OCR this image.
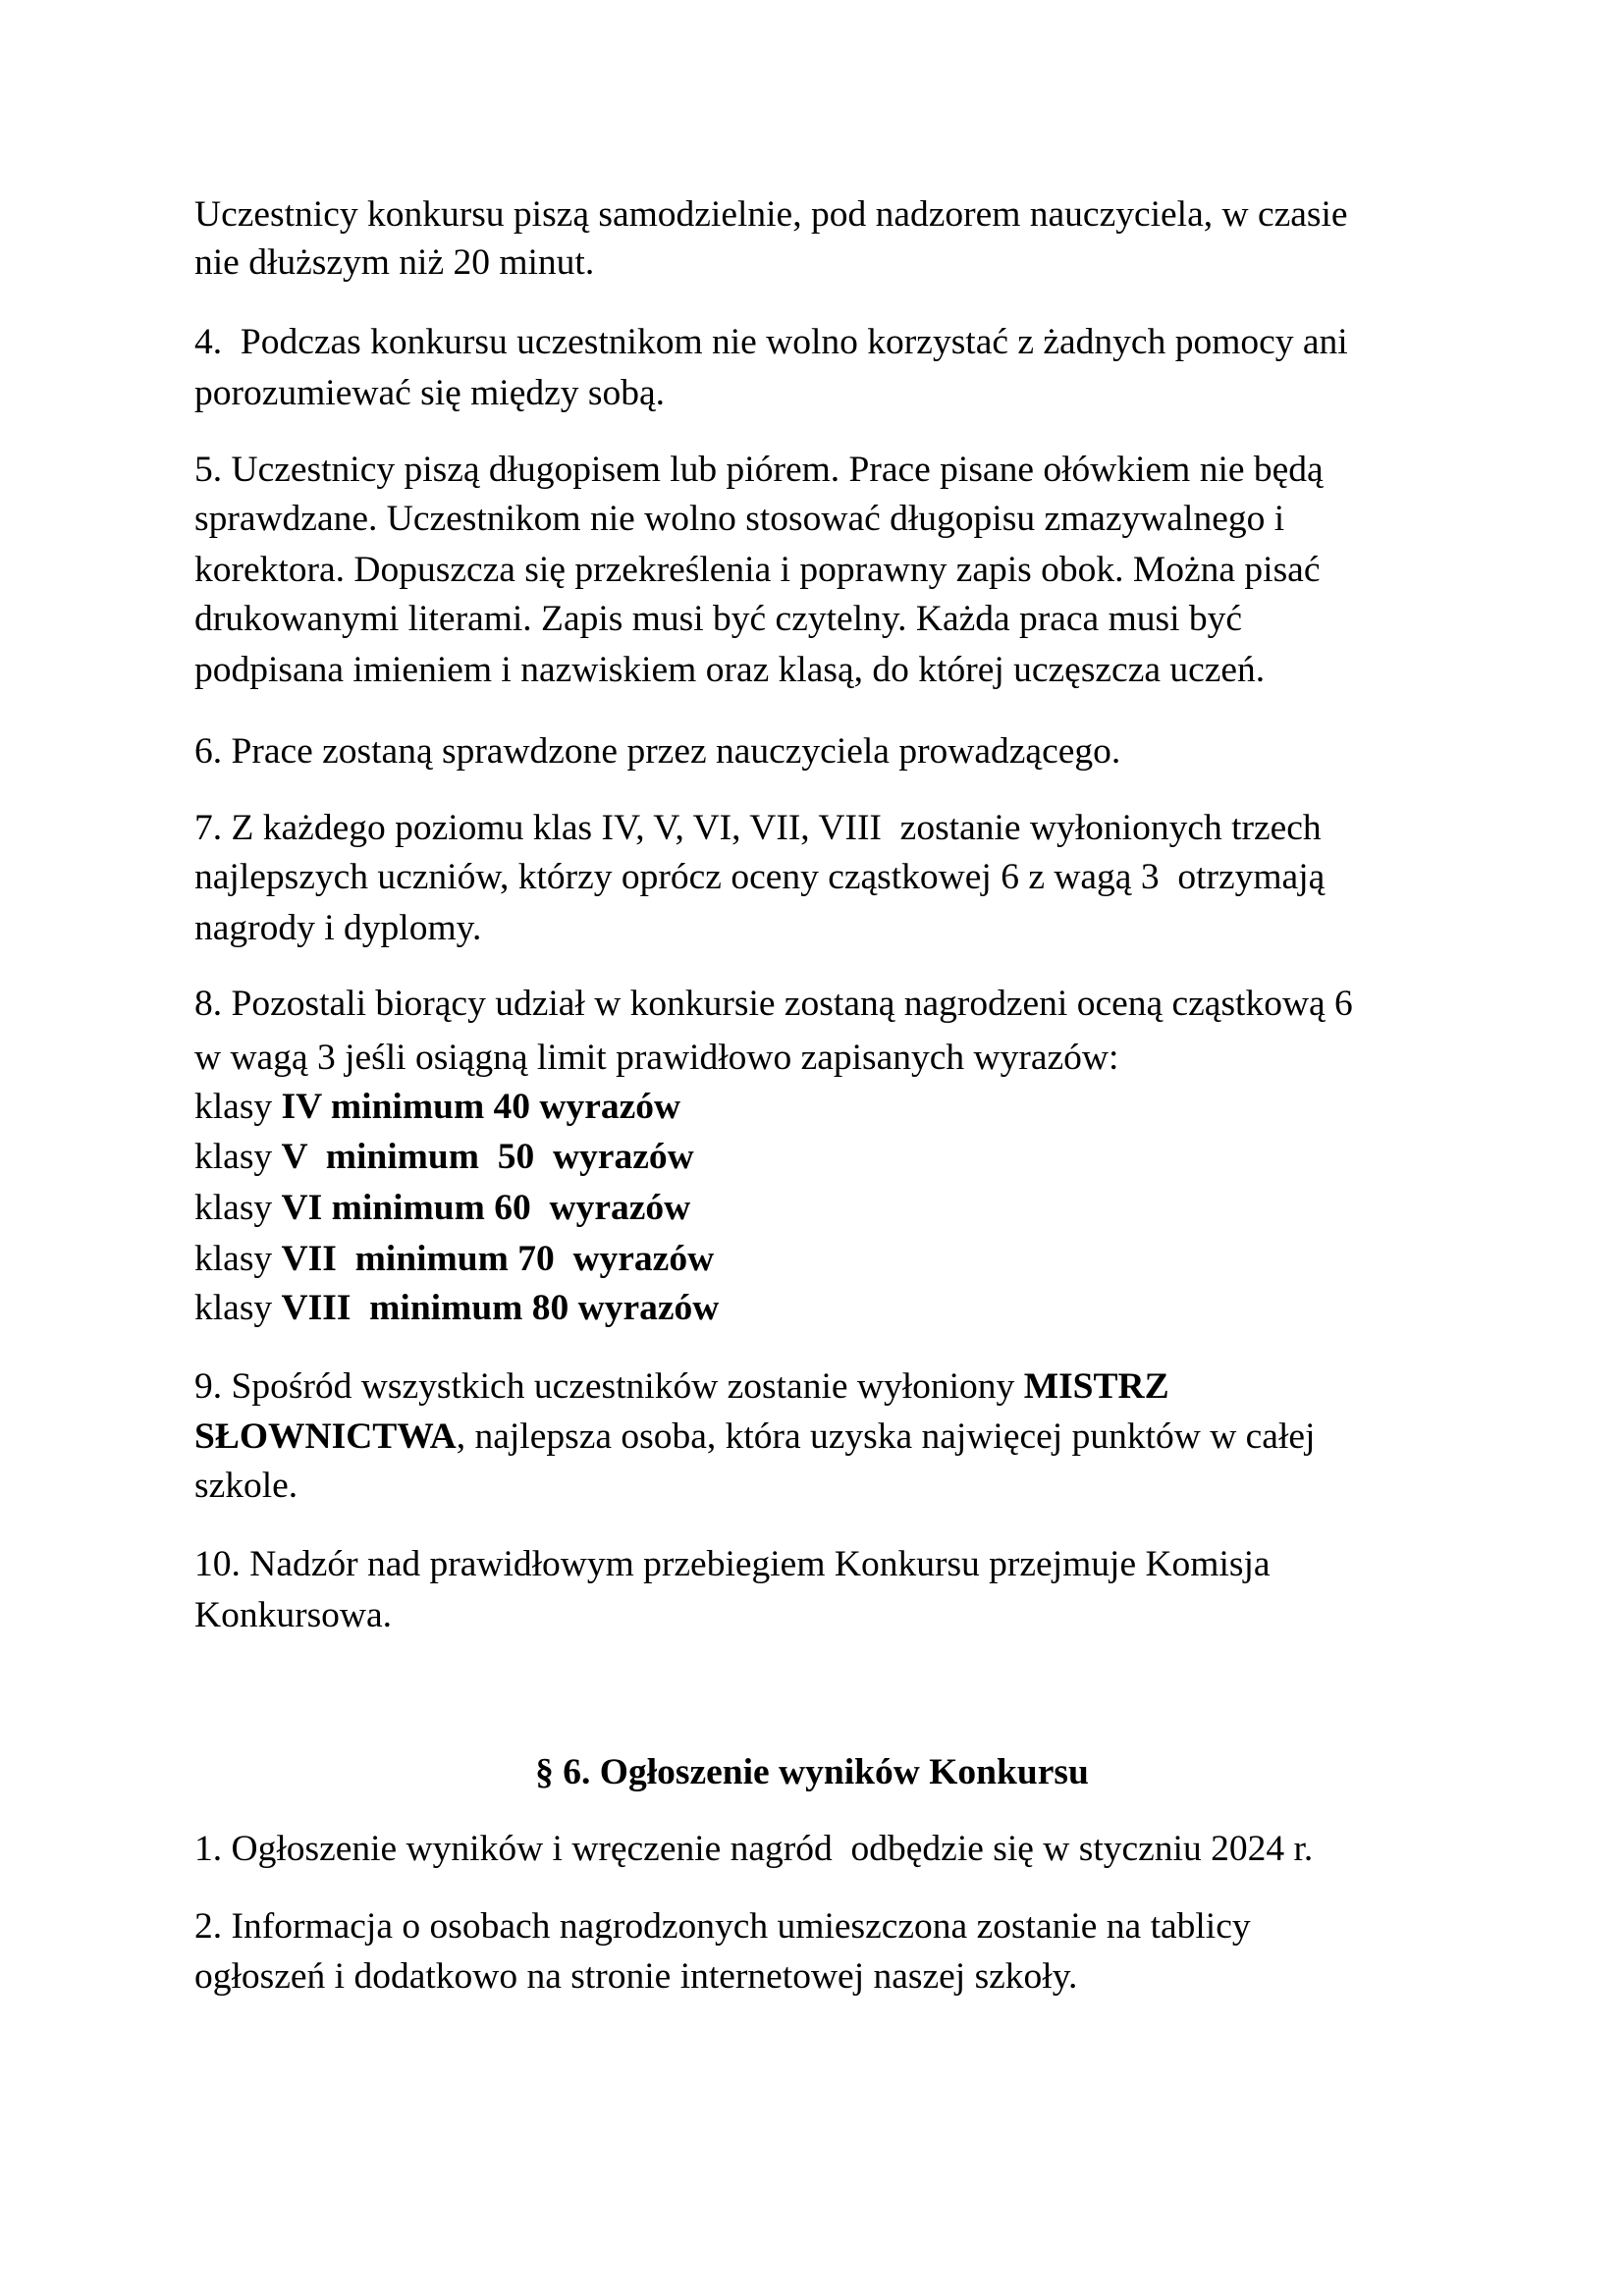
Uczestnicy konkursu piszą samodzielnie, pod nadzorem nauczyciela, w czasie
nie dłuższym niż 20 minut.
4.  Podczas konkursu uczestnikom nie wolno korzystać z żadnych pomocy ani
porozumiewać się między sobą.
5. Uczestnicy piszą długopisem lub piórem. Prace pisane ołówkiem nie będą
sprawdzane. Uczestnikom nie wolno stosować długopisu zmazywalnego i
korektora. Dopuszcza się przekreślenia i poprawny zapis obok. Można pisać
drukowanymi literami. Zapis musi być czytelny. Każda praca musi być
podpisana imieniem i nazwiskiem oraz klasą, do której uczęszcza uczeń.
6. Prace zostaną sprawdzone przez nauczyciela prowadzącego.
7. Z każdego poziomu klas IV, V, VI, VII, VIII  zostanie wyłonionych trzech
najlepszych uczniów, którzy oprócz oceny cząstkowej 6 z wagą 3  otrzymają
nagrody i dyplomy.
8. Pozostali biorący udział w konkursie zostaną nagrodzeni oceną cząstkową 6
w wagą 3 jeśli osiągną limit prawidłowo zapisanych wyrazów:
klasy IV minimum 40 wyrazów
klasy V  minimum  50  wyrazów
klasy VI minimum 60  wyrazów
klasy VII  minimum 70  wyrazów
klasy VIII  minimum 80 wyrazów
9. Spośród wszystkich uczestników zostanie wyłoniony MISTRZ
SŁOWNICTWA, najlepsza osoba, która uzyska najwięcej punktów w całej
szkole.
10. Nadzór nad prawidłowym przebiegiem Konkursu przejmuje Komisja
Konkursowa.
§ 6. Ogłoszenie wyników Konkursu
1. Ogłoszenie wyników i wręczenie nagród  odbędzie się w styczniu 2024 r.
2. Informacja o osobach nagrodzonych umieszczona zostanie na tablicy
ogłoszeń i dodatkowo na stronie internetowej naszej szkoły.
